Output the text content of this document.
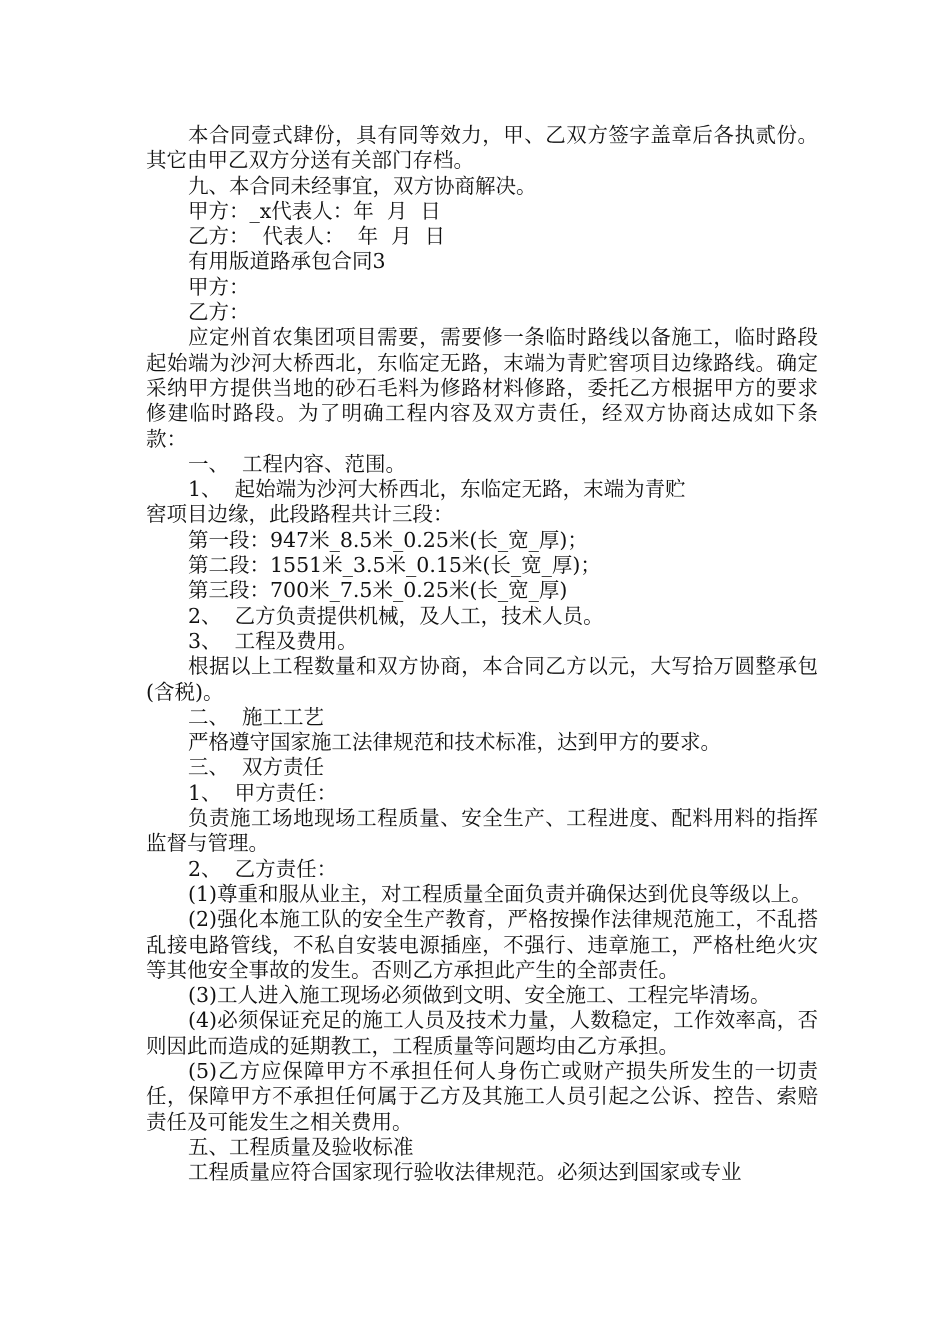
本合同壹式肆份，具有同等效力，甲、乙双方签字盖章后各执贰份。其它由甲乙双方分送有关部门存档。

九、本合同未经事宜，双方协商解决。

甲方：_x代表人：年  月  日

乙方：  代表人：  年  月  日

有用版道路承包合同3

甲方：

乙方：

应定州首农集团项目需要，需要修一条临时路线以备施工，临时路段起始端为沙河大桥西北，东临定无路，末端为青贮窖项目边缘路线。确定采纳甲方提供当地的砂石毛料为修路材料修路，委托乙方根据甲方的要求修建临时路段。为了明确工程内容及双方责任，经双方协商达成如下条款：

一、  工程内容、范围。

1、  起始端为沙河大桥西北，东临定无路，末端为青贮

窖项目边缘，此段路程共计三段：

第一段：947米_8.5米_0.25米(长_宽_厚)；

第二段：1551米_3.5米_0.15米(长_宽_厚)；

第三段：700米_7.5米_0.25米(长_宽_厚)

2、  乙方负责提供机械，及人工，技术人员。

3、  工程及费用。

根据以上工程数量和双方协商，本合同乙方以元，大写拾万圆整承包(含税)。

二、  施工工艺

严格遵守国家施工法律规范和技术标准，达到甲方的要求。

三、  双方责任

1、  甲方责任：

负责施工场地现场工程质量、安全生产、工程进度、配料用料的指挥监督与管理。

2、  乙方责任：

(1)尊重和服从业主，对工程质量全面负责并确保达到优良等级以上。

(2)强化本施工队的安全生产教育，严格按操作法律规范施工，不乱搭乱接电路管线，不私自安装电源插座，不强行、违章施工，严格杜绝火灾等其他安全事故的发生。否则乙方承担此产生的全部责任。

(3)工人进入施工现场必须做到文明、安全施工、工程完毕清场。

(4)必须保证充足的施工人员及技术力量，人数稳定，工作效率高，否则因此而造成的延期教工，工程质量等问题均由乙方承担。

(5)乙方应保障甲方不承担任何人身伤亡或财产损失所发生的一切责任，保障甲方不承担任何属于乙方及其施工人员引起之公诉、控告、索赔责任及可能发生之相关费用。

五、工程质量及验收标准

工程质量应符合国家现行验收法律规范。必须达到国家或专业
